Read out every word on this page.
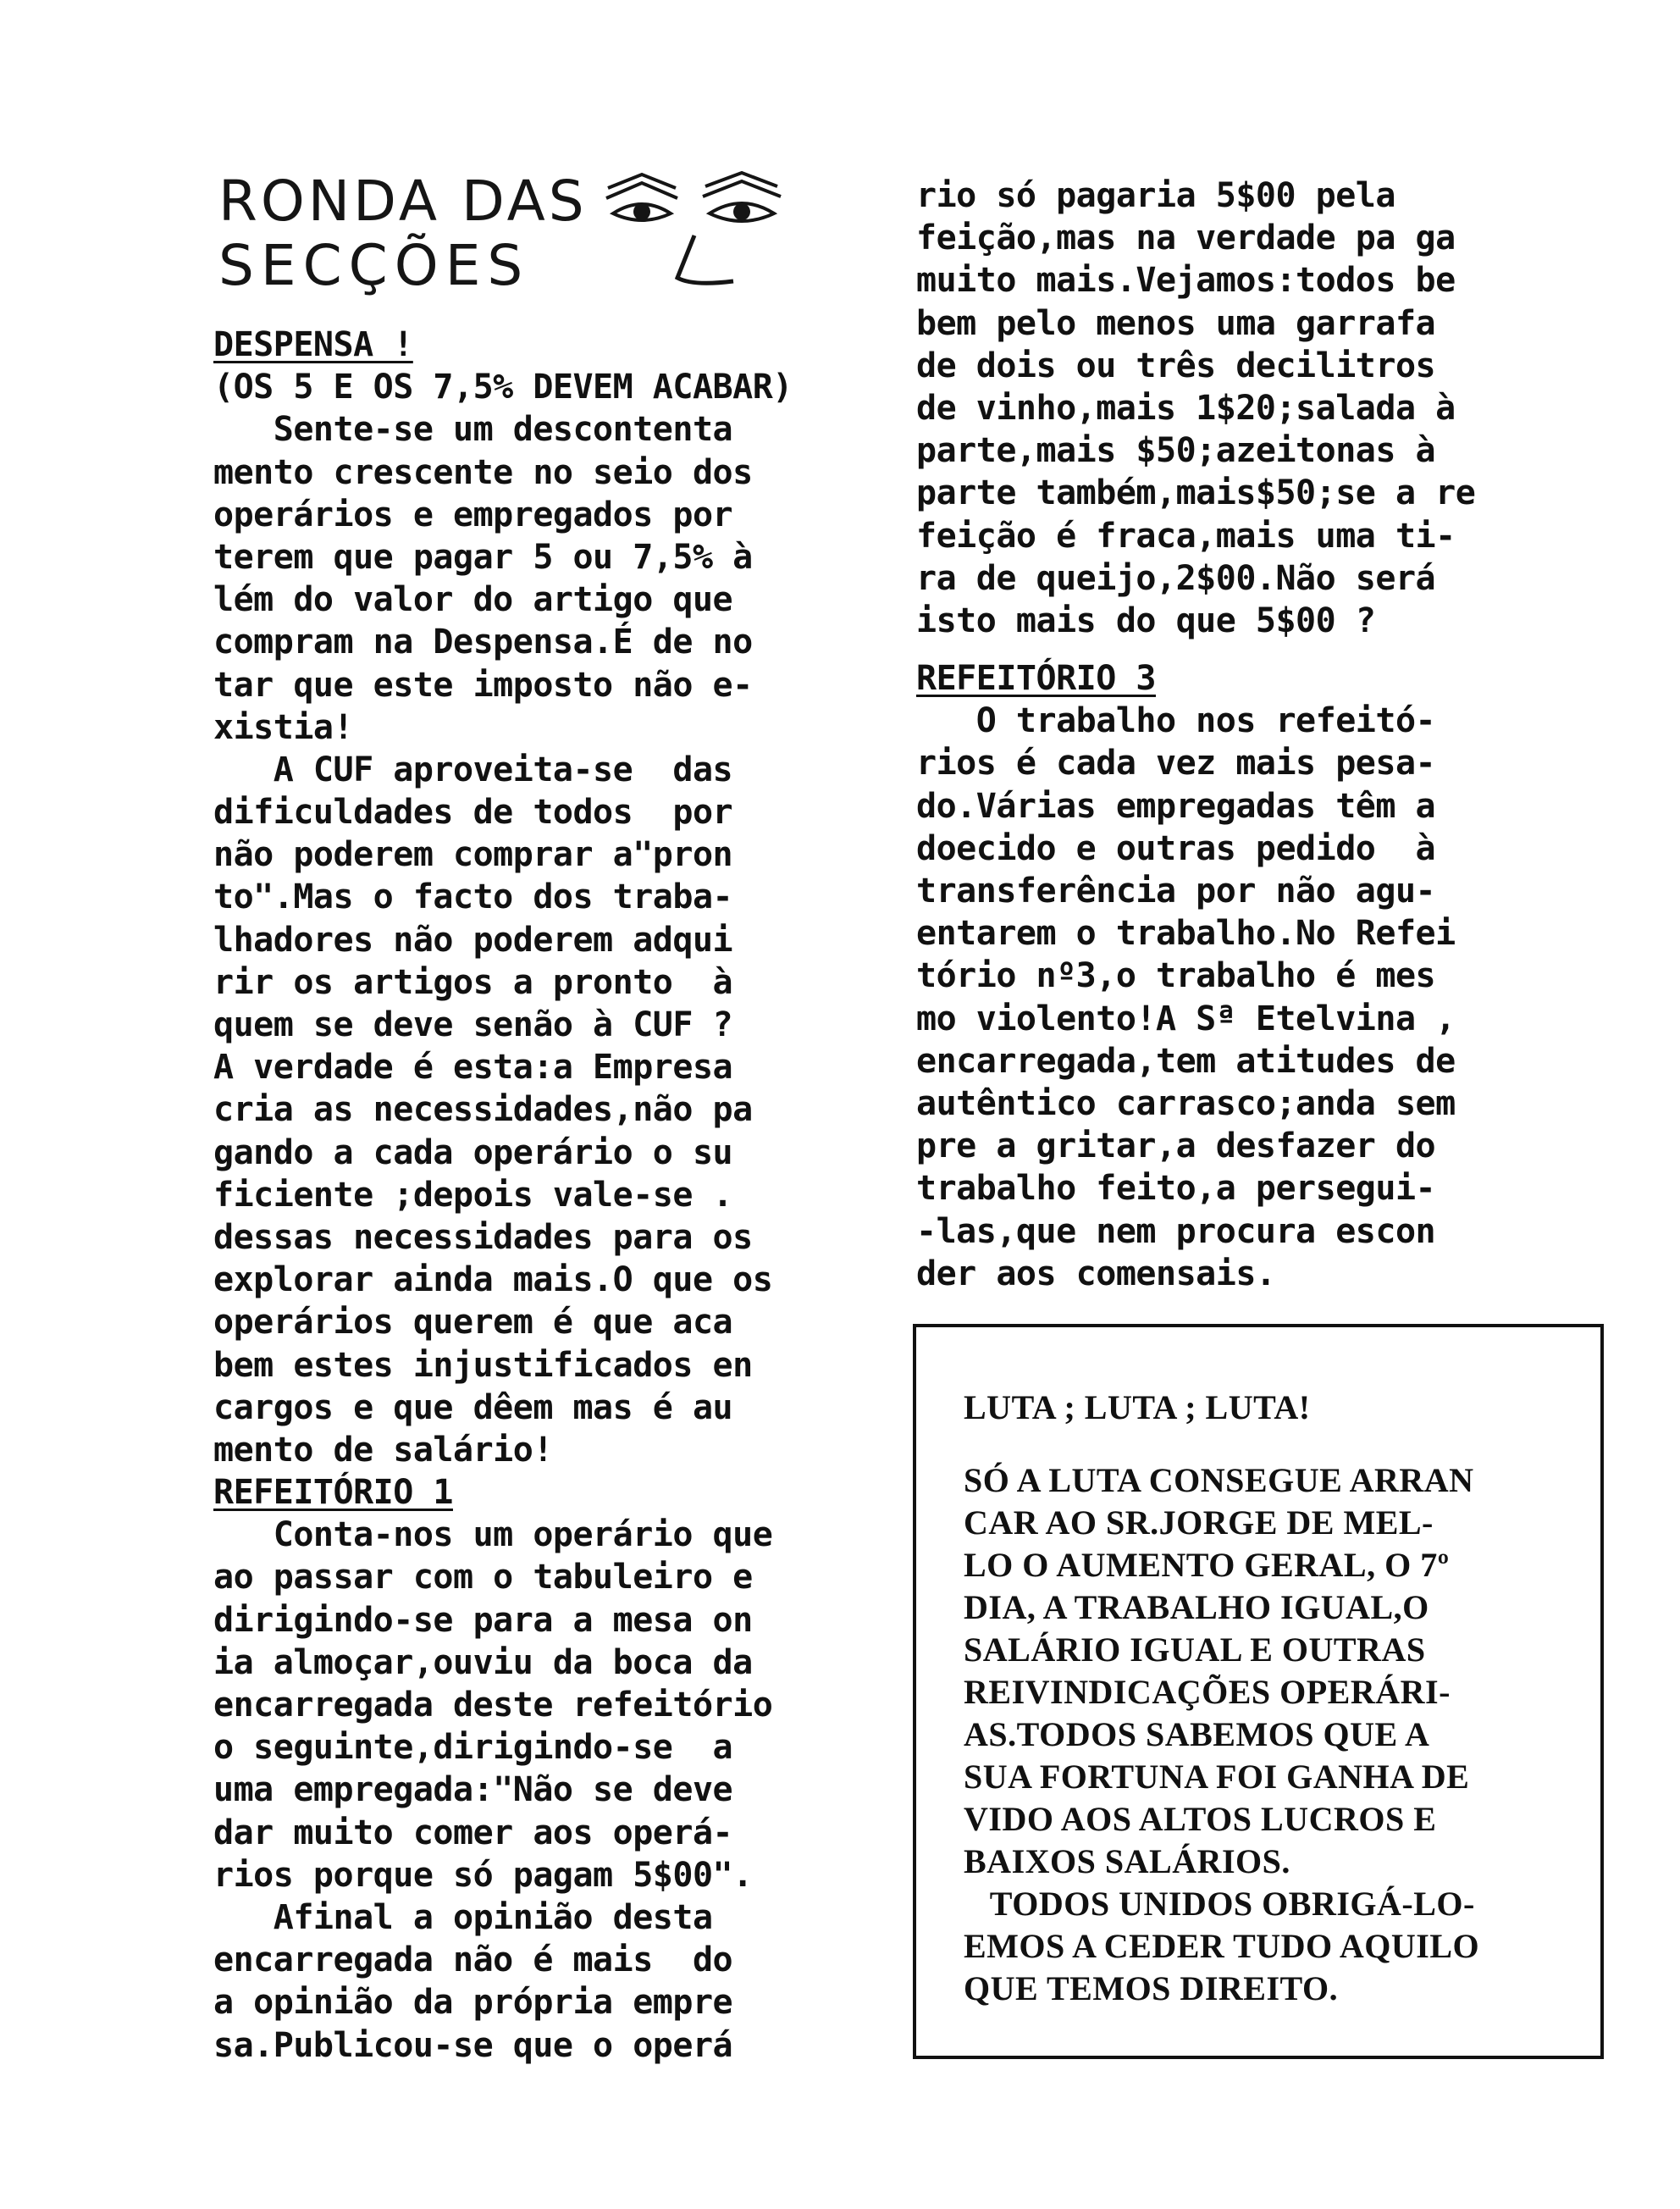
RONDA DAS
SECÇÕES
DESPENSA !
(OS 5 E OS 7,5% DEVEM ACABAR)
Sente-se um descontenta
mento crescente no seio dos
operários e empregados por
terem que pagar 5 ou 7,5% à
lém do valor do artigo que
compram na Despensa.É de no
tar que este imposto não e-
xistia!
A CUF aproveita-se  das
dificuldades de todos  por
não poderem comprar a"pron
to".Mas o facto dos traba-
lhadores não poderem adqui
rir os artigos a pronto  à
quem se deve senão à CUF ?
A verdade é esta:a Empresa
cria as necessidades,não pa
gando a cada operário o su
ficiente ;depois vale-se .
dessas necessidades para os
explorar ainda mais.O que os
operários querem é que aca
bem estes injustificados en
cargos e que dêem mas é au
mento de salário!
REFEITÓRIO 1
Conta-nos um operário que
ao passar com o tabuleiro e
dirigindo-se para a mesa on
ia almoçar,ouviu da boca da
encarregada deste refeitório
o seguinte,dirigindo-se  a
uma empregada:"Não se deve
dar muito comer aos operá-
rios porque só pagam 5$00".
Afinal a opinião desta
encarregada não é mais  do
a opinião da própria empre
sa.Publicou-se que o operá
rio só pagaria 5$00 pela
feição,mas na verdade pa ga
muito mais.Vejamos:todos be
bem pelo menos uma garrafa
de dois ou três decilitros
de vinho,mais 1$20;salada à
parte,mais $50;azeitonas à
parte também,mais$50;se a re
feição é fraca,mais uma ti-
ra de queijo,2$00.Não será
isto mais do que 5$00 ?
REFEITÓRIO 3
O trabalho nos refeitó-
rios é cada vez mais pesa-
do.Várias empregadas têm a
doecido e outras pedido  à
transferência por não agu-
entarem o trabalho.No Refei
tório nº3,o trabalho é mes
mo violento!A Sª Etelvina ,
encarregada,tem atitudes de
autêntico carrasco;anda sem
pre a gritar,a desfazer do
trabalho feito,a persegui-
-las,que nem procura escon
der aos comensais.
LUTA ; LUTA ; LUTA!
SÓ A LUTA CONSEGUE ARRAN
CAR AO SR.JORGE DE MEL-
LO O AUMENTO GERAL, O 7º
DIA, A TRABALHO IGUAL,O
SALÁRIO IGUAL E OUTRAS
REIVINDICAÇÕES OPERÁRI-
AS.TODOS SABEMOS QUE A
SUA FORTUNA FOI GANHA DE
VIDO AOS ALTOS LUCROS E
BAIXOS SALÁRIOS.
TODOS UNIDOS OBRIGÁ-LO-
EMOS A CEDER TUDO AQUILO
QUE TEMOS DIREITO.
